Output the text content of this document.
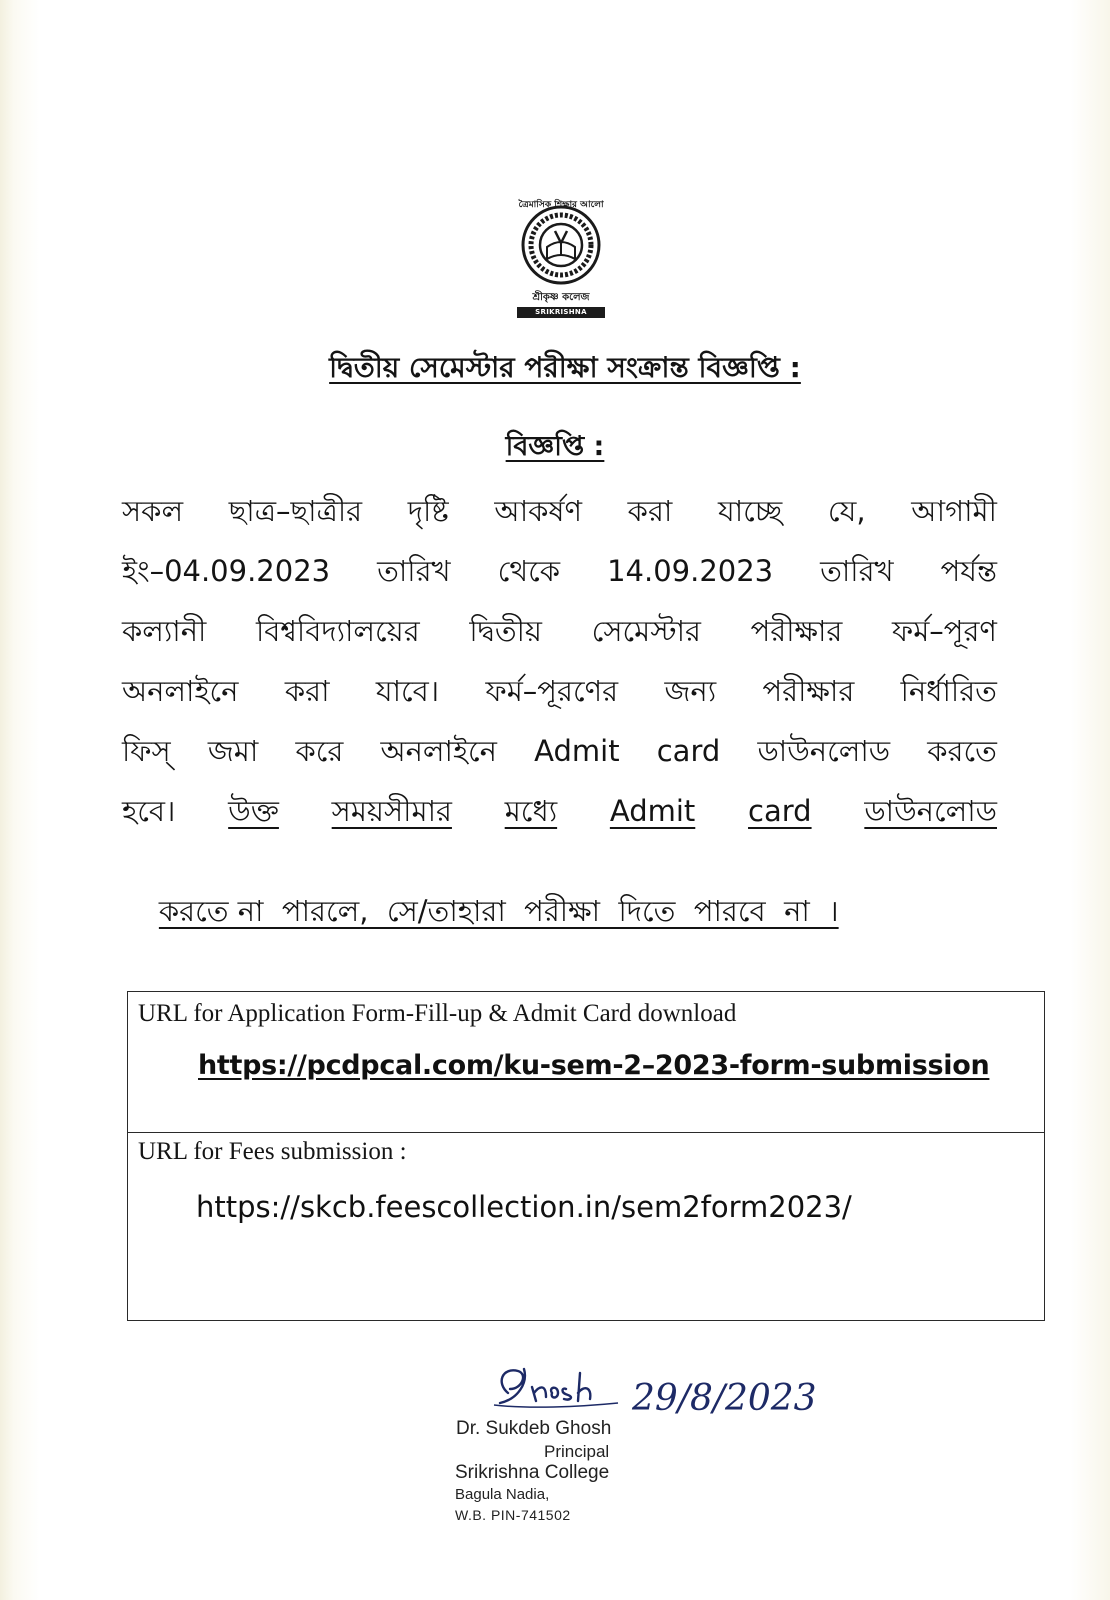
ত্রৈমাসিক শিক্ষার আলো
শ্রীকৃষ্ণ কলেজ
SRIKRISHNA COLLEGE
দ্বিতীয় সেমেস্টার পরীক্ষা সংক্রান্ত বিজ্ঞপ্তি :
বিজ্ঞপ্তি :
সকল ছাত্র–ছাত্রীর দৃষ্টি আকর্ষণ করা যাচ্ছে যে, আগামী
ইং–04.09.2023 তারিখ থেকে 14.09.2023 তারিখ পর্যন্ত
কল্যানী বিশ্ববিদ্যালয়ের দ্বিতীয় সেমেস্টার পরীক্ষার ফর্ম–পূরণ
অনলাইনে করা যাবে। ফর্ম–পূরণের জন্য পরীক্ষার নির্ধারিত
ফিস্ জমা করে অনলাইনে Admit card ডাউনলোড করতে
হবে। উক্ত সময়সীমার মধ্যে Admit card ডাউনলোড

করতে না  পারলে,  সে/তাহারা  পরীক্ষা  দিতে  পারবে  না  ।

URL for Application Form-Fill-up & Admit Card download
https://pcdpcal.com/ku-sem-2–2023-form-submission
URL for Fees submission :
https://skcb.feescollection.in/sem2form2023/
29/8/2023
Dr. Sukdeb Ghosh
Principal
Srikrishna College
Bagula Nadia,
W.B. PIN-741502
